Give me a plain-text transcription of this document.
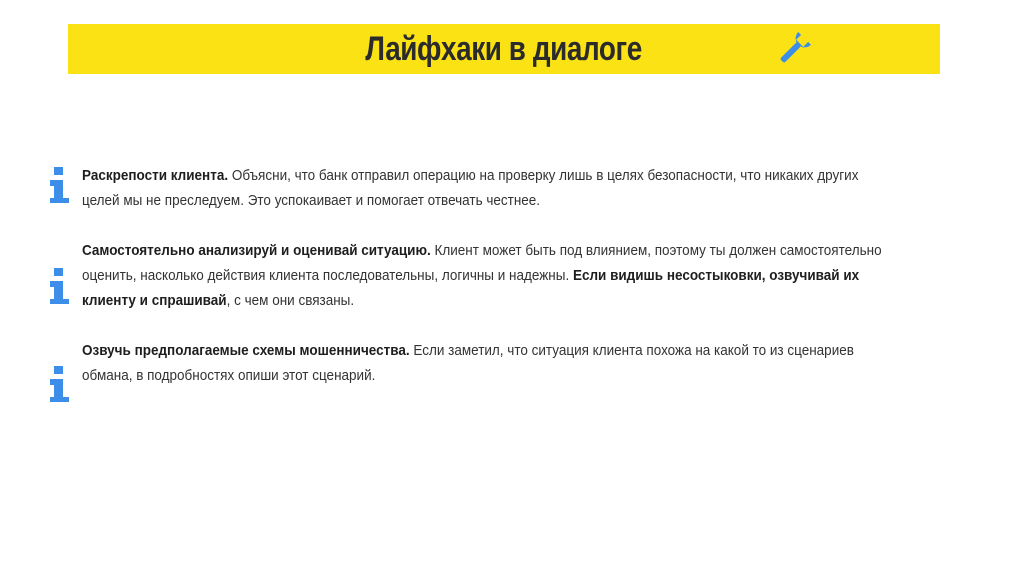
Лайфхаки в диалоге
Раскрепости клиента. Объясни, что банк отправил операцию на проверку лишь в целях безопасности, что никаких других целей мы не преследуем. Это успокаивает и помогает отвечать честнее.
Самостоятельно анализируй и оценивай ситуацию. Клиент может быть под влиянием, поэтому ты должен самостоятельно оценить, насколько действия клиента последовательны, логичны и надежны. Если видишь несостыковки, озвучивай их клиенту и спрашивай, с чем они связаны.
Озвучь предполагаемые схемы мошенничества. Если заметил, что ситуация клиента похожа на какой то из сценариев обмана, в подробностях опиши этот сценарий.
